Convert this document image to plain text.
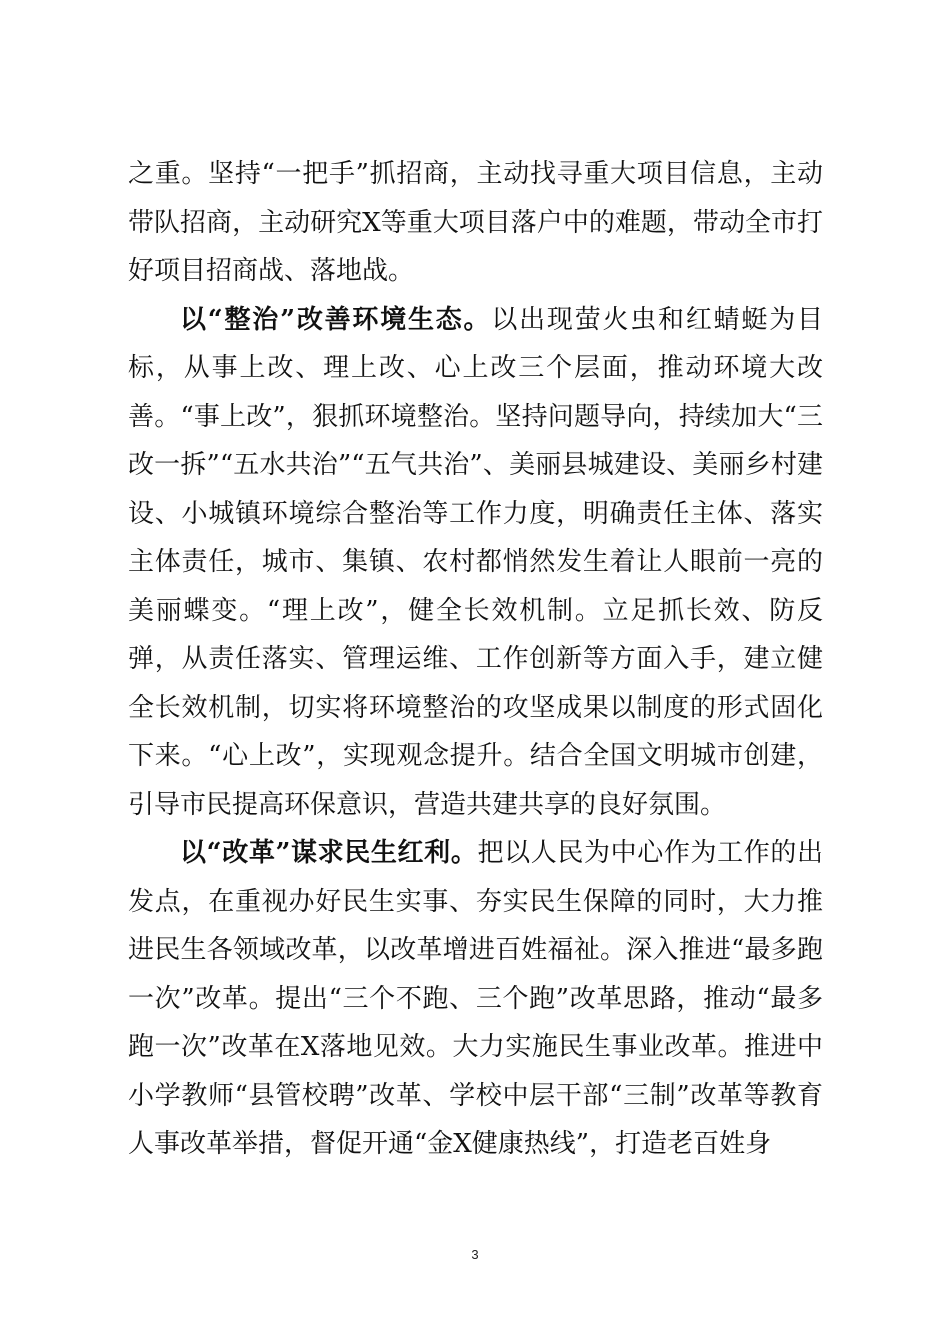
之重。坚持“一把手”抓招商，主动找寻重大项目信息，主动带队招商，主动研究X等重大项目落户中的难题，带动全市打好项目招商战、落地战。

以“整治”改善环境生态。以出现萤火虫和红蜻蜓为目标，从事上改、理上改、心上改三个层面，推动环境大改善。“事上改”，狠抓环境整治。坚持问题导向，持续加大“三改一拆”“五水共治”“五气共治”、美丽县城建设、美丽乡村建设、小城镇环境综合整治等工作力度，明确责任主体、落实主体责任，城市、集镇、农村都悄然发生着让人眼前一亮的美丽蝶变。“理上改”，健全长效机制。立足抓长效、防反弹，从责任落实、管理运维、工作创新等方面入手，建立健全长效机制，切实将环境整治的攻坚成果以制度的形式固化下来。“心上改”，实现观念提升。结合全国文明城市创建，引导市民提高环保意识，营造共建共享的良好氛围。

以“改革”谋求民生红利。把以人民为中心作为工作的出发点，在重视办好民生实事、夯实民生保障的同时，大力推进民生各领域改革，以改革增进百姓福祉。深入推进“最多跑一次”改革。提出“三个不跑、三个跑”改革思路，推动“最多跑一次”改革在X落地见效。大力实施民生事业改革。推进中小学教师“县管校聘”改革、学校中层干部“三制”改革等教育人事改革举措，督促开通“金X健康热线”，打造老百姓身

3
